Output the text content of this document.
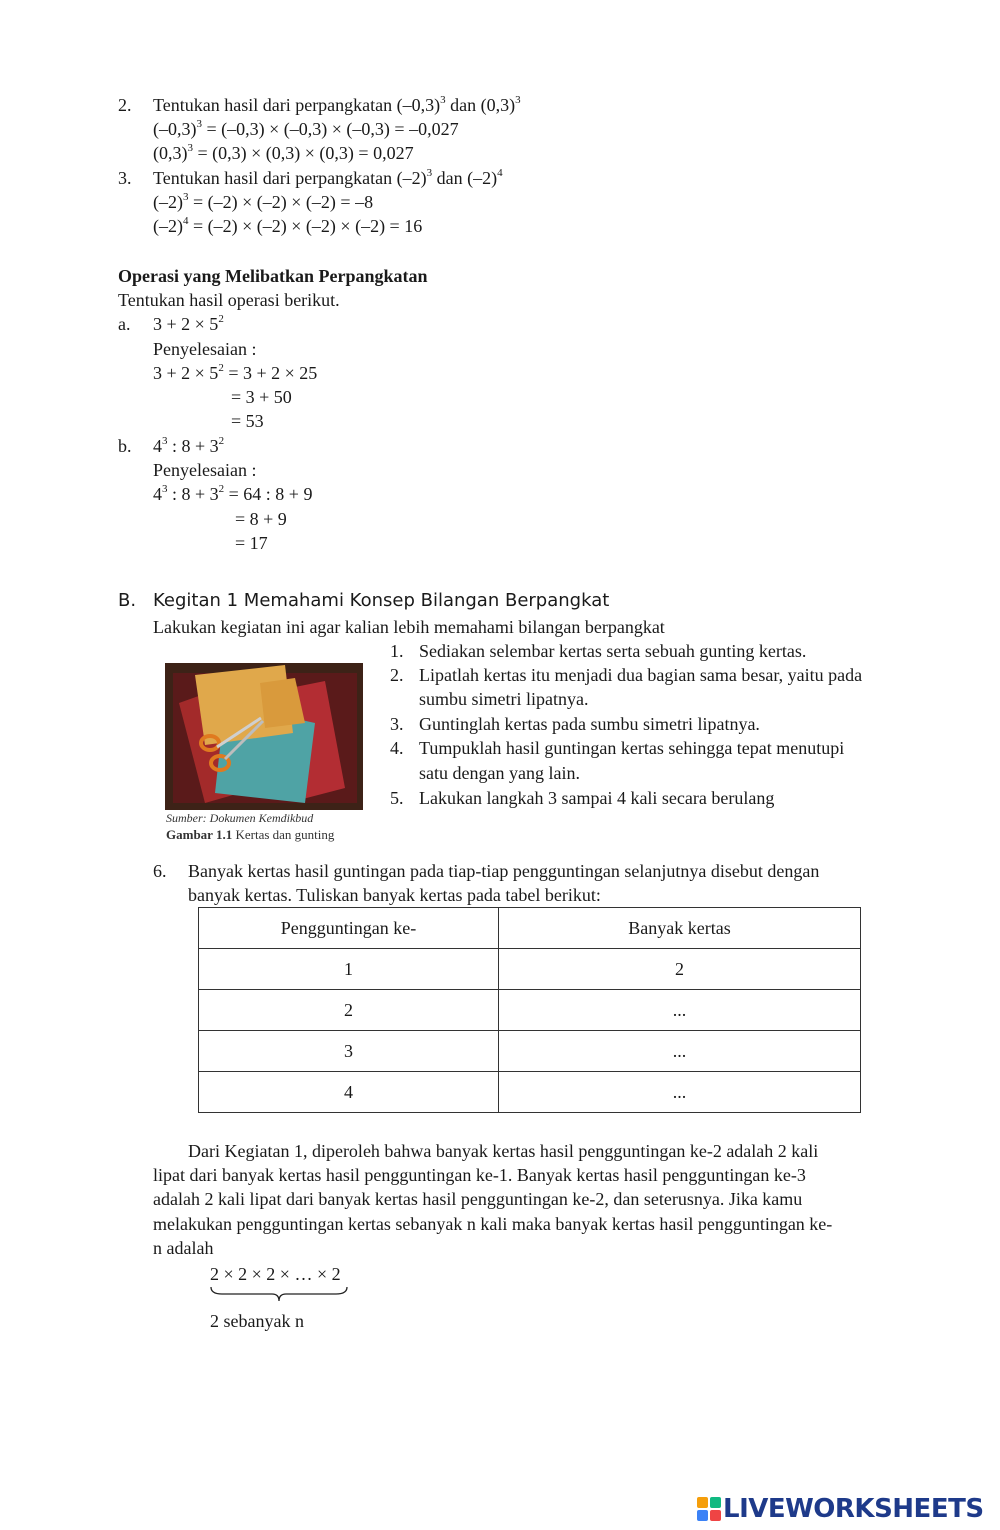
2. Tentukan hasil dari perpangkatan $(-0,3)^3$ dan $(0,3)^3$
$(-0,3)^3 = (-0,3) \times (-0,3) \times (-0,3) = -0,027$
$(0,3)^3 = (0,3) \times (0,3) \times (0,3) = 0,027$
3. Tentukan hasil dari perpangkatan $(-2)^3$ dan $(-2)^4$
$(-2)^3 = (-2) \times (-2) \times (-2) = -8$
$(-2)^4 = (-2) \times (-2) \times (-2) \times (-2) = 16$
Operasi yang Melibatkan Perpangkatan
Tentukan hasil operasi berikut.
a. $3 + 2 \times 5^2$
Penyelesaian :
$3 + 2 \times 5^2 = 3 + 2 \times 25$
= 3 + 50
= 53
b. $4^3$ : $8 + 3^2$
Penyelesaian :
$4^3$ : $8 + 3^2 = 64$ : 8 + 9
= 8 + 9
= 17
B. Kegitan 1 Memahami Konsep Bilangan Berpangkat
Lakukan kegiatan ini agar kalian lebih memahami bilangan berpangkat
Sumber: Dokumen Kemdikbud
Gambar 1.1 Kertas dan gunting
1. Sediakan selembar kertas serta sebuah gunting kertas.
2. Lipatlah kertas itu menjadi dua bagian sama besar, yaitu pada
sumbu simetri lipatnya.
3. Guntinglah kertas pada sumbu simetri lipatnya.
4. Tumpuklah hasil guntingan kertas sehingga tepat menutupi
satu dengan yang lain.
5. Lakukan langkah 3 sampai 4 kali secara berulang
6. Banyak kertas hasil guntingan pada tiap-tiap pengguntingan selanjutnya disebut dengan
banyak kertas. Tuliskan banyak kertas pada tabel berikut:
Pengguntingan ke-	Banyak kertas
1	2
2	...
3	...
4	...
Dari Kegiatan 1, diperoleh bahwa banyak kertas hasil pengguntingan ke-2 adalah 2 kali
lipat dari banyak kertas hasil pengguntingan ke-1. Banyak kertas hasil pengguntingan ke-3
adalah 2 kali lipat dari banyak kertas hasil pengguntingan ke-2, dan seterusnya. Jika kamu
melakukan pengguntingan kertas sebanyak n kali maka banyak kertas hasil pengguntingan ke-
n adalah
2 × 2 × 2 × … × 2
2 sebanyak n
LIVEWORKSHEETS
